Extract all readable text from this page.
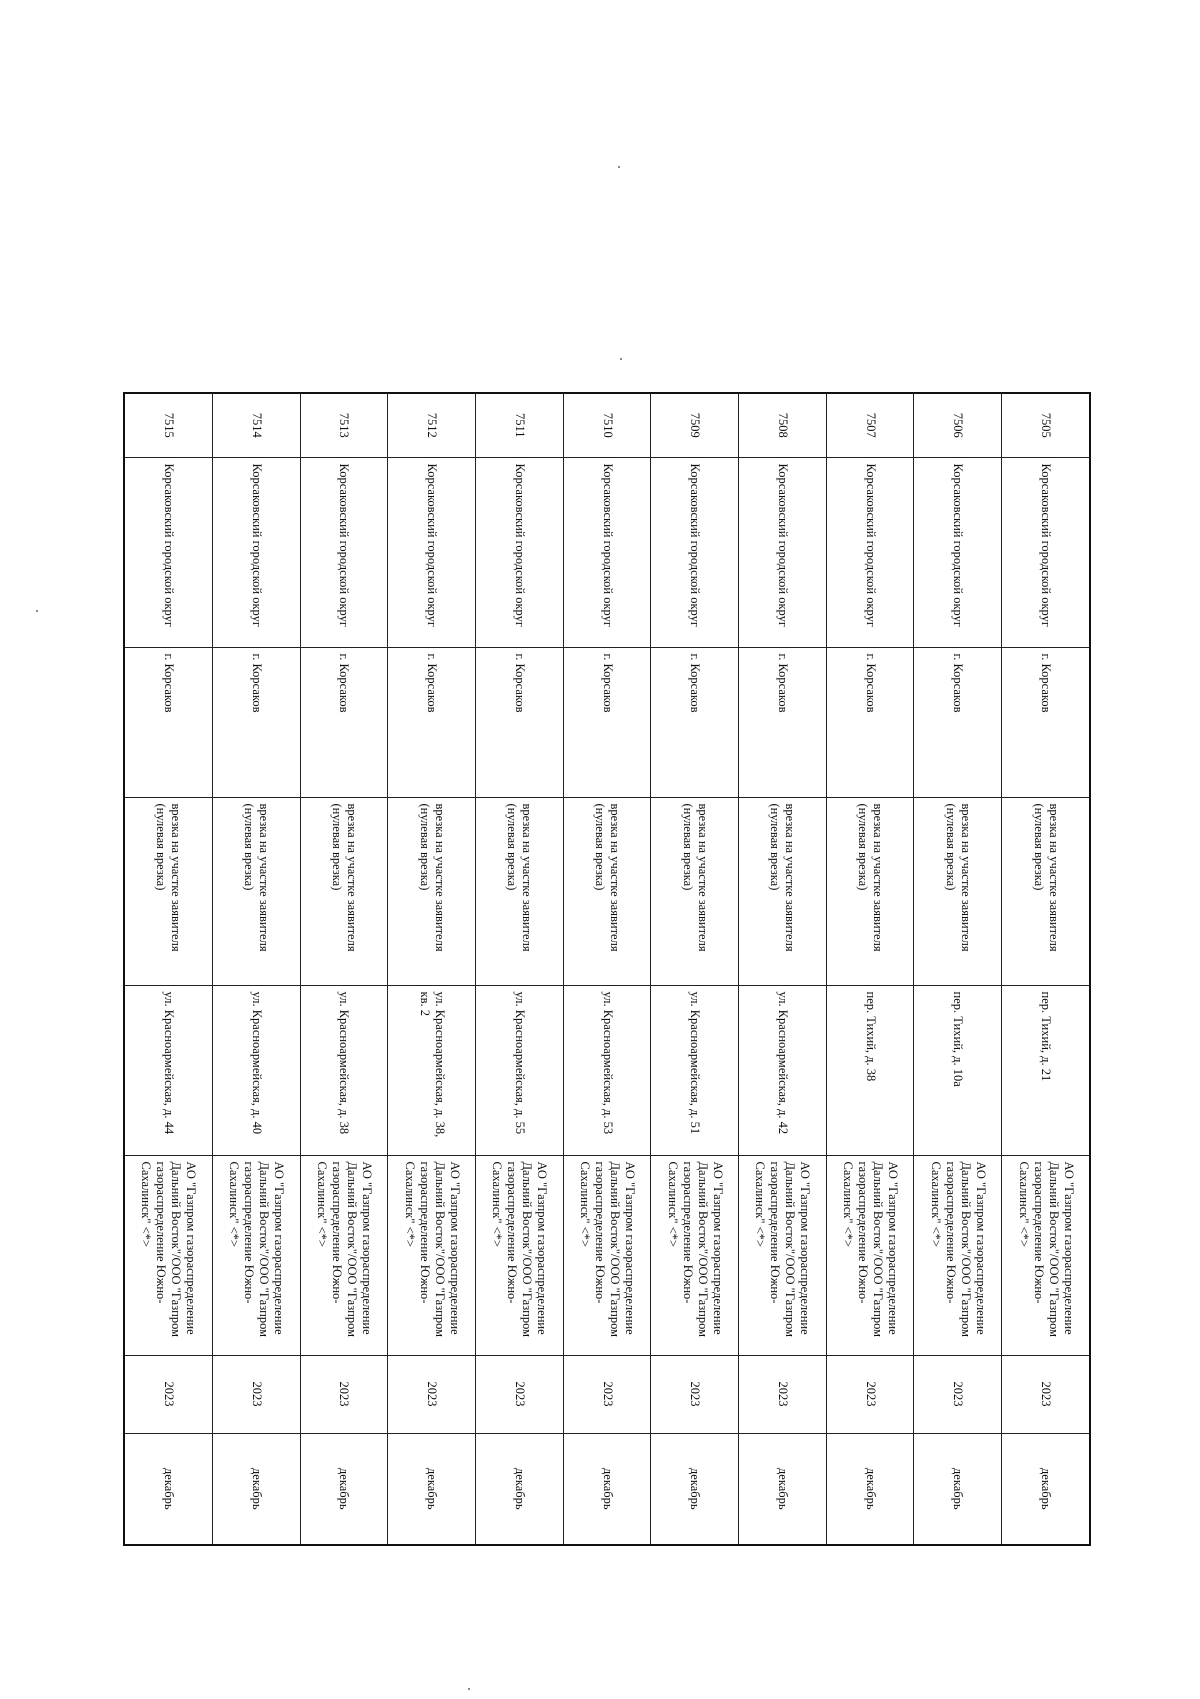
7505	Корсаковский городской округ	г. Корсаков	врезка на участке заявителя (нулевая врезка)	пер. Тихий, д. 21	АО "Газпром газораспределение Дальний Восток"/ООО "Газпром газораспределение Южно-Сахалинск" <*>	2023	декабрь
7506	Корсаковский городской округ	г. Корсаков	врезка на участке заявителя (нулевая врезка)	пер. Тихий, д. 10а	АО "Газпром газораспределение Дальний Восток"/ООО "Газпром газораспределение Южно-Сахалинск" <*>	2023	декабрь
7507	Корсаковский городской округ	г. Корсаков	врезка на участке заявителя (нулевая врезка)	пер. Тихий, д. 38	АО "Газпром газораспределение Дальний Восток"/ООО "Газпром газораспределение Южно-Сахалинск" <*>	2023	декабрь
7508	Корсаковский городской округ	г. Корсаков	врезка на участке заявителя (нулевая врезка)	ул. Красноармейская, д. 42	АО "Газпром газораспределение Дальний Восток"/ООО "Газпром газораспределение Южно-Сахалинск" <*>	2023	декабрь
7509	Корсаковский городской округ	г. Корсаков	врезка на участке заявителя (нулевая врезка)	ул. Красноармейская, д. 51	АО "Газпром газораспределение Дальний Восток"/ООО "Газпром газораспределение Южно-Сахалинск" <*>	2023	декабрь
7510	Корсаковский городской округ	г. Корсаков	врезка на участке заявителя (нулевая врезка)	ул. Красноармейская, д. 53	АО "Газпром газораспределение Дальний Восток"/ООО "Газпром газораспределение Южно-Сахалинск" <*>	2023	декабрь
7511	Корсаковский городской округ	г. Корсаков	врезка на участке заявителя (нулевая врезка)	ул. Красноармейская, д. 55	АО "Газпром газораспределение Дальний Восток"/ООО "Газпром газораспределение Южно-Сахалинск" <*>	2023	декабрь
7512	Корсаковский городской округ	г. Корсаков	врезка на участке заявителя (нулевая врезка)	ул. Красноармейская, д. 38, кв. 2	АО "Газпром газораспределение Дальний Восток"/ООО "Газпром газораспределение Южно-Сахалинск" <*>	2023	декабрь
7513	Корсаковский городской округ	г. Корсаков	врезка на участке заявителя (нулевая врезка)	ул. Красноармейская, д. 38	АО "Газпром газораспределение Дальний Восток"/ООО "Газпром газораспределение Южно-Сахалинск" <*>	2023	декабрь
7514	Корсаковский городской округ	г. Корсаков	врезка на участке заявителя (нулевая врезка)	ул. Красноармейская, д. 40	АО "Газпром газораспределение Дальний Восток"/ООО "Газпром газораспределение Южно-Сахалинск" <*>	2023	декабрь
7515	Корсаковский городской округ	г. Корсаков	врезка на участке заявителя (нулевая врезка)	ул. Красноармейская, д. 44	АО "Газпром газораспределение Дальний Восток"/ООО "Газпром газораспределение Южно-Сахалинск" <*>	2023	декабрь
